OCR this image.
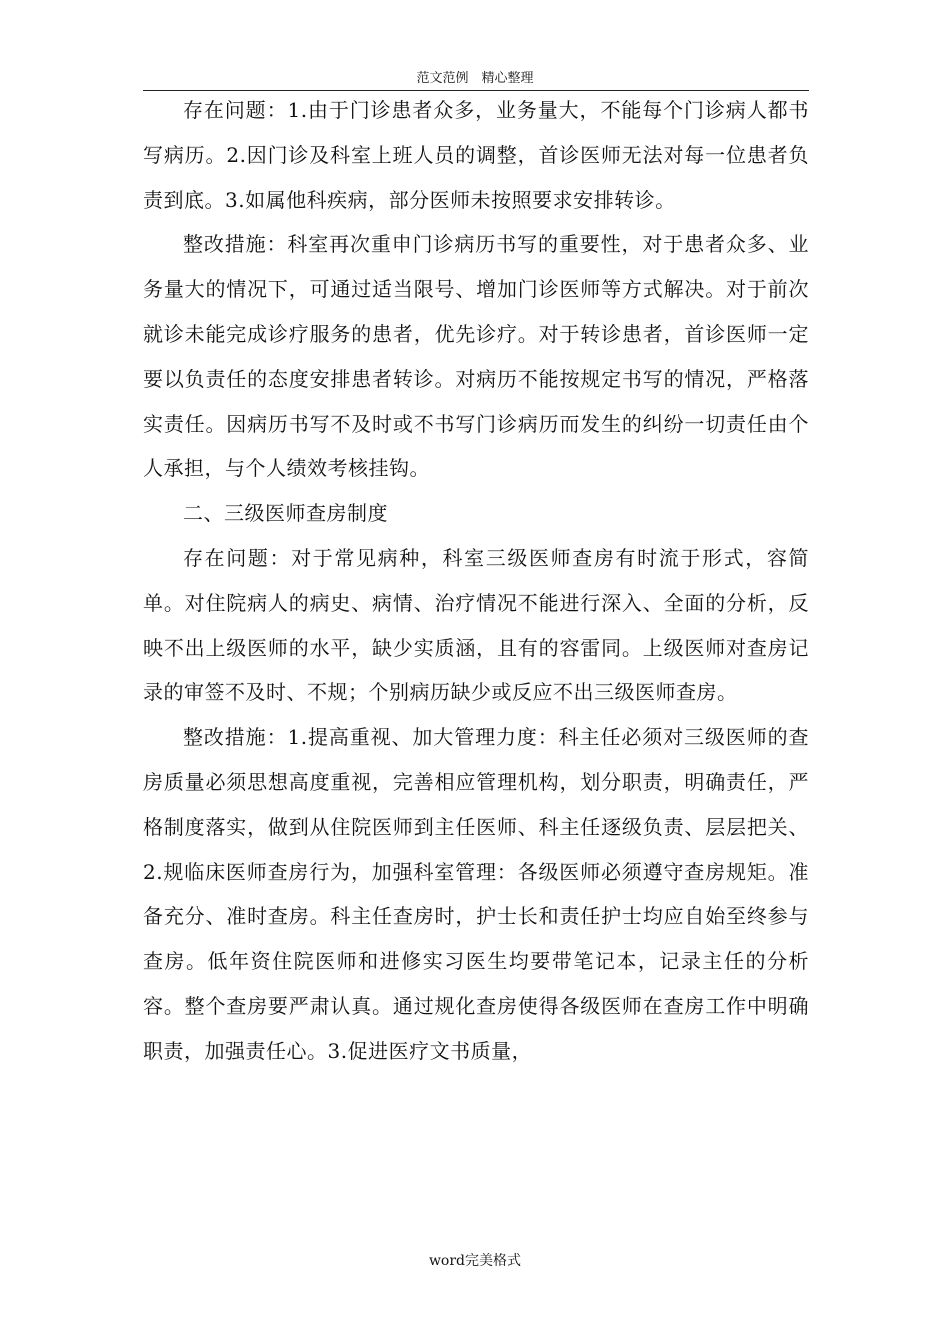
范文范例　精心整理

存在问题：1.由于门诊患者众多，业务量大，不能每个门诊病人都书写病历。2.因门诊及科室上班人员的调整，首诊医师无法对每一位患者负责到底。3.如属他科疾病，部分医师未按照要求安排转诊。

整改措施：科室再次重申门诊病历书写的重要性，对于患者众多、业务量大的情况下，可通过适当限号、增加门诊医师等方式解决。对于前次就诊未能完成诊疗服务的患者，优先诊疗。对于转诊患者，首诊医师一定要以负责任的态度安排患者转诊。对病历不能按规定书写的情况，严格落实责任。因病历书写不及时或不书写门诊病历而发生的纠纷一切责任由个人承担，与个人绩效考核挂钩。

二、三级医师查房制度

存在问题：对于常见病种，科室三级医师查房有时流于形式，容简单。对住院病人的病史、病情、治疗情况不能进行深入、全面的分析，反映不出上级医师的水平，缺少实质涵，且有的容雷同。上级医师对查房记录的审签不及时、不规；个别病历缺少或反应不出三级医师查房。

整改措施：1.提高重视、加大管理力度：科主任必须对三级医师的查房质量必须思想高度重视，完善相应管理机构，划分职责，明确责任，严格制度落实，做到从住院医师到主任医师、科主任逐级负责、层层把关、2.规临床医师查房行为，加强科室管理：各级医师必须遵守查房规矩。准备充分、准时查房。科主任查房时，护士长和责任护士均应自始至终参与查房。低年资住院医师和进修实习医生均要带笔记本，记录主任的分析容。整个查房要严肃认真。通过规化查房使得各级医师在查房工作中明确职责，加强责任心。3.促进医疗文书质量，

word完美格式
